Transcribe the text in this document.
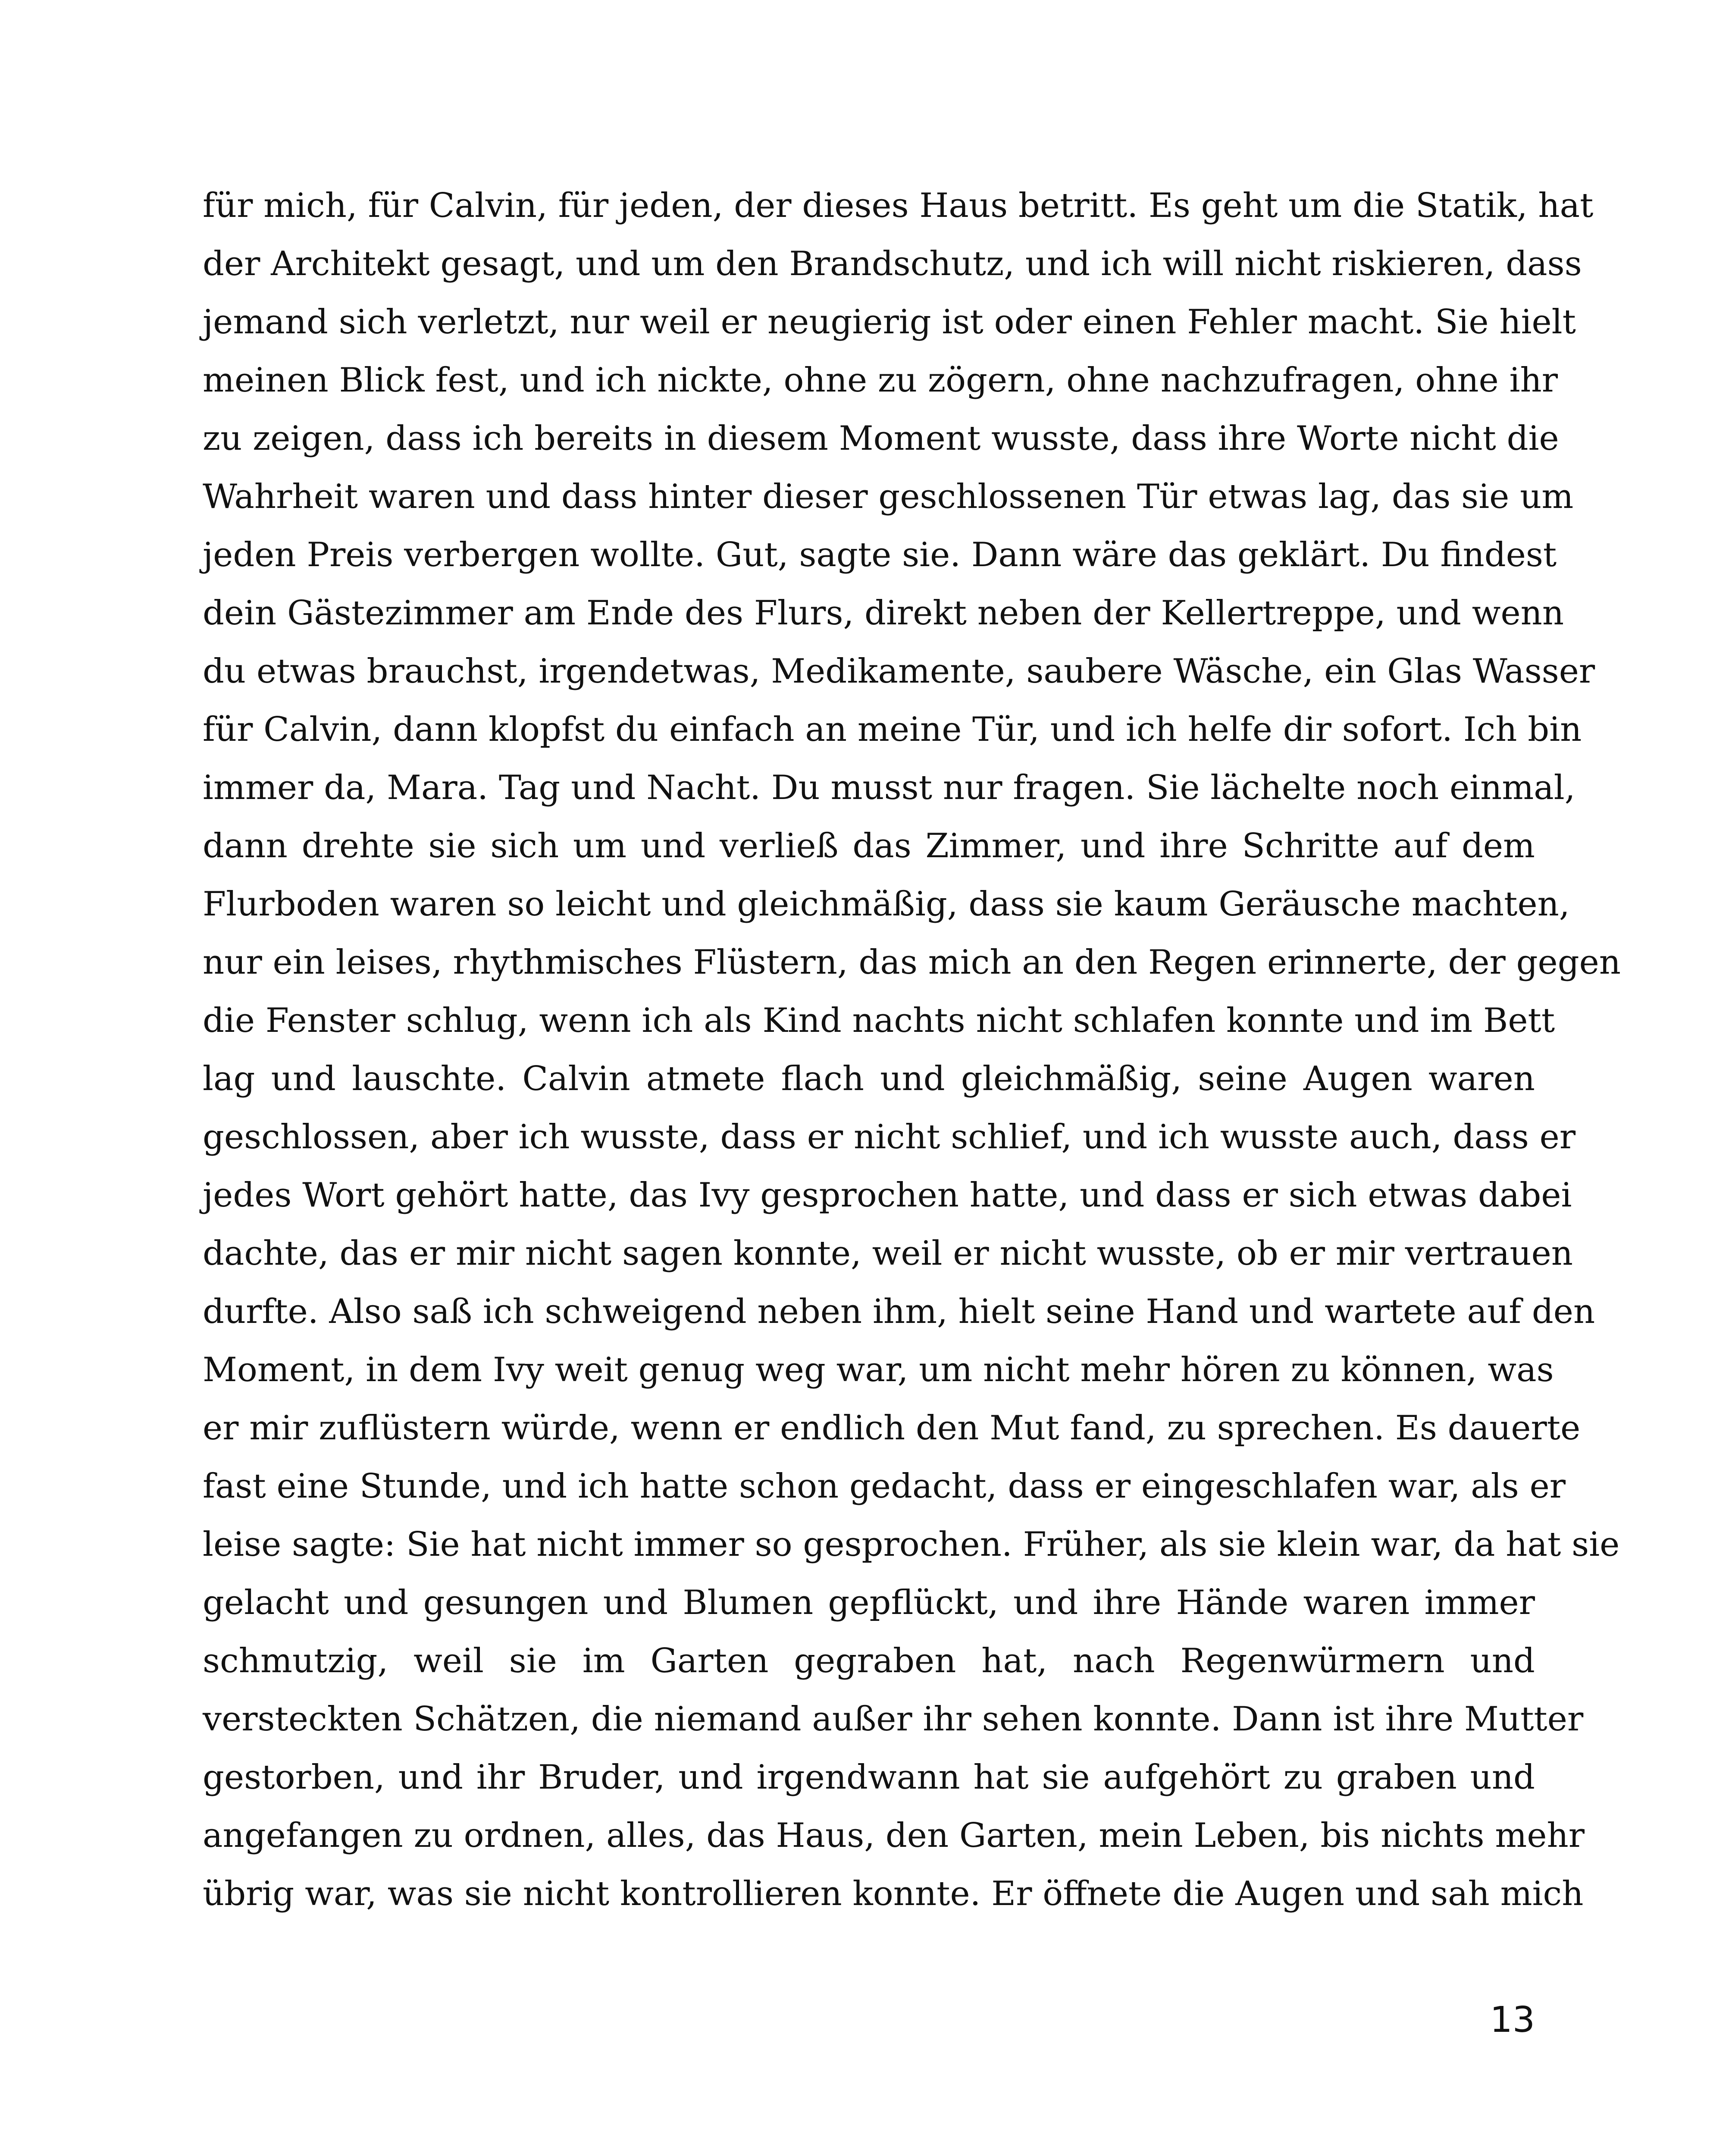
für mich, für Calvin, für jeden, der dieses Haus betritt. Es geht um die Statik, hat
der Architekt gesagt, und um den Brandschutz, und ich will nicht riskieren, dass
jemand sich verletzt, nur weil er neugierig ist oder einen Fehler macht. Sie hielt
meinen Blick fest, und ich nickte, ohne zu zögern, ohne nachzufragen, ohne ihr
zu zeigen, dass ich bereits in diesem Moment wusste, dass ihre Worte nicht die
Wahrheit waren und dass hinter dieser geschlossenen Tür etwas lag, das sie um
jeden Preis verbergen wollte. Gut, sagte sie. Dann wäre das geklärt. Du findest
dein Gästezimmer am Ende des Flurs, direkt neben der Kellertreppe, und wenn
du etwas brauchst, irgendetwas, Medikamente, saubere Wäsche, ein Glas Wasser
für Calvin, dann klopfst du einfach an meine Tür, und ich helfe dir sofort. Ich bin
immer da, Mara. Tag und Nacht. Du musst nur fragen. Sie lächelte noch einmal,
dann drehte sie sich um und verließ das Zimmer, und ihre Schritte auf dem
Flurboden waren so leicht und gleichmäßig, dass sie kaum Geräusche machten,
nur ein leises, rhythmisches Flüstern, das mich an den Regen erinnerte, der gegen
die Fenster schlug, wenn ich als Kind nachts nicht schlafen konnte und im Bett
lag und lauschte. Calvin atmete flach und gleichmäßig, seine Augen waren
geschlossen, aber ich wusste, dass er nicht schlief, und ich wusste auch, dass er
jedes Wort gehört hatte, das Ivy gesprochen hatte, und dass er sich etwas dabei
dachte, das er mir nicht sagen konnte, weil er nicht wusste, ob er mir vertrauen
durfte. Also saß ich schweigend neben ihm, hielt seine Hand und wartete auf den
Moment, in dem Ivy weit genug weg war, um nicht mehr hören zu können, was
er mir zuflüstern würde, wenn er endlich den Mut fand, zu sprechen. Es dauerte
fast eine Stunde, und ich hatte schon gedacht, dass er eingeschlafen war, als er
leise sagte: Sie hat nicht immer so gesprochen. Früher, als sie klein war, da hat sie
gelacht und gesungen und Blumen gepflückt, und ihre Hände waren immer
schmutzig, weil sie im Garten gegraben hat, nach Regenwürmern und
versteckten Schätzen, die niemand außer ihr sehen konnte. Dann ist ihre Mutter
gestorben, und ihr Bruder, und irgendwann hat sie aufgehört zu graben und
angefangen zu ordnen, alles, das Haus, den Garten, mein Leben, bis nichts mehr
übrig war, was sie nicht kontrollieren konnte. Er öffnete die Augen und sah mich
13
